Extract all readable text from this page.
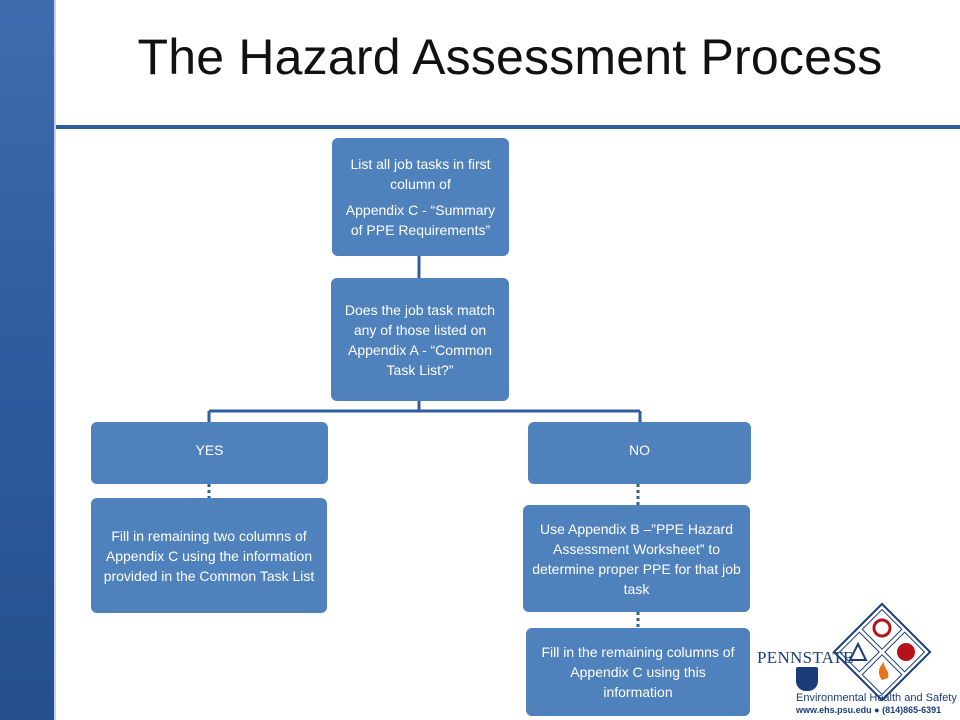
The Hazard Assessment Process
List all job tasks in first column of
Appendix C - “Summary of PPE Requirements”
Does the job task match any of those listed on Appendix A - “Common Task List?”
YES
Fill in remaining two columns of Appendix C using the information provided in the Common Task List
NO
Use Appendix B –”PPE Hazard Assessment Worksheet” to determine proper PPE for that job task
Fill in the remaining columns of Appendix C using this information
PENNSTATE
Environmental Health and Safety
www.ehs.psu.edu ● (814)865-6391
